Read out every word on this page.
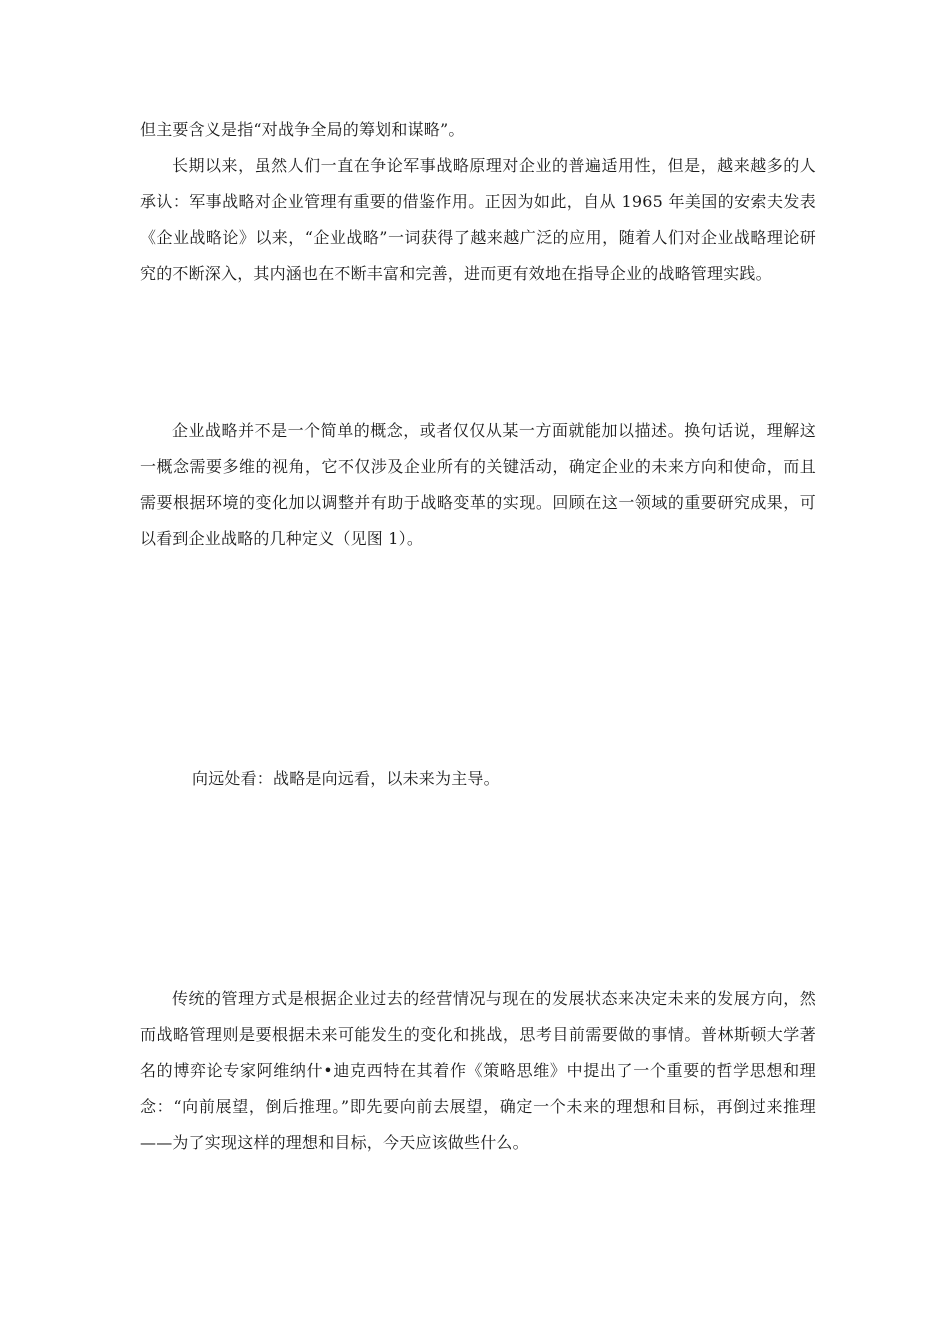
但主要含义是指“对战争全局的筹划和谋略”。

长期以来，虽然人们一直在争论军事战略原理对企业的普遍适用性，但是，越来越多的人承认：军事战略对企业管理有重要的借鉴作用。正因为如此，自从 1965 年美国的安索夫发表《企业战略论》以来，“企业战略”一词获得了越来越广泛的应用，随着人们对企业战略理论研究的不断深入，其内涵也在不断丰富和完善，进而更有效地在指导企业的战略管理实践。

企业战略并不是一个简单的概念，或者仅仅从某一方面就能加以描述。换句话说，理解这一概念需要多维的视角，它不仅涉及企业所有的关键活动，确定企业的未来方向和使命，而且需要根据环境的变化加以调整并有助于战略变革的实现。回顾在这一领域的重要研究成果，可以看到企业战略的几种定义（见图 1）。

向远处看：战略是向远看，以未来为主导。

传统的管理方式是根据企业过去的经营情况与现在的发展状态来决定未来的发展方向，然而战略管理则是要根据未来可能发生的变化和挑战，思考目前需要做的事情。普林斯顿大学著名的博弈论专家阿维纳什•迪克西特在其着作《策略思维》中提出了一个重要的哲学思想和理念：“向前展望，倒后推理。”即先要向前去展望，确定一个未来的理想和目标，再倒过来推理——为了实现这样的理想和目标，今天应该做些什么。
